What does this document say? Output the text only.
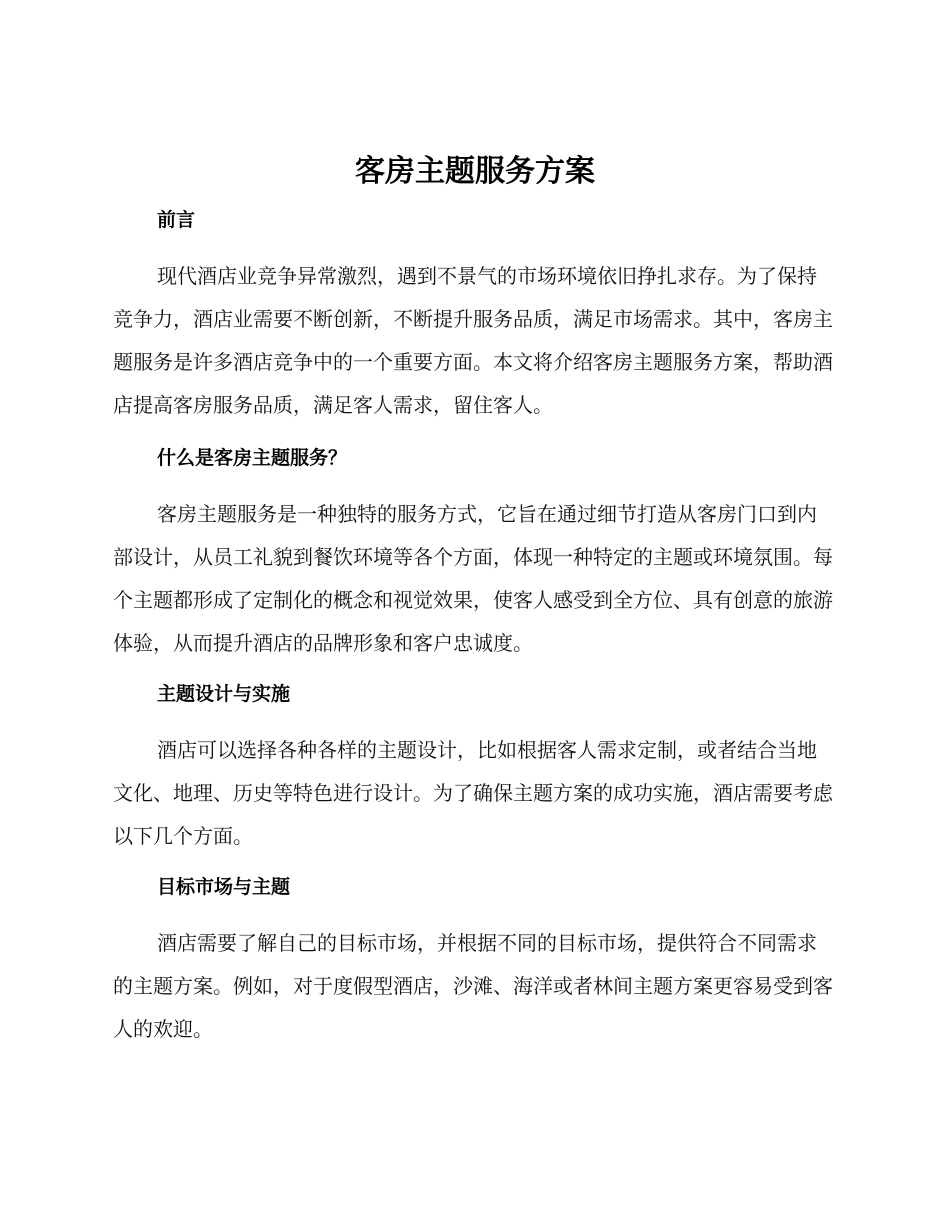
客房主题服务方案
前言

现代酒店业竞争异常激烈，遇到不景气的市场环境依旧挣扎求存。为了保持竞争力，酒店业需要不断创新，不断提升服务品质，满足市场需求。其中，客房主题服务是许多酒店竞争中的一个重要方面。本文将介绍客房主题服务方案，帮助酒店提高客房服务品质，满足客人需求，留住客人。

什么是客房主题服务？

客房主题服务是一种独特的服务方式，它旨在通过细节打造从客房门口到内部设计，从员工礼貌到餐饮环境等各个方面，体现一种特定的主题或环境氛围。每个主题都形成了定制化的概念和视觉效果，使客人感受到全方位、具有创意的旅游体验，从而提升酒店的品牌形象和客户忠诚度。

主题设计与实施

酒店可以选择各种各样的主题设计，比如根据客人需求定制，或者结合当地文化、地理、历史等特色进行设计。为了确保主题方案的成功实施，酒店需要考虑以下几个方面。

目标市场与主题

酒店需要了解自己的目标市场，并根据不同的目标市场，提供符合不同需求的主题方案。例如，对于度假型酒店，沙滩、海洋或者林间主题方案更容易受到客人的欢迎。
